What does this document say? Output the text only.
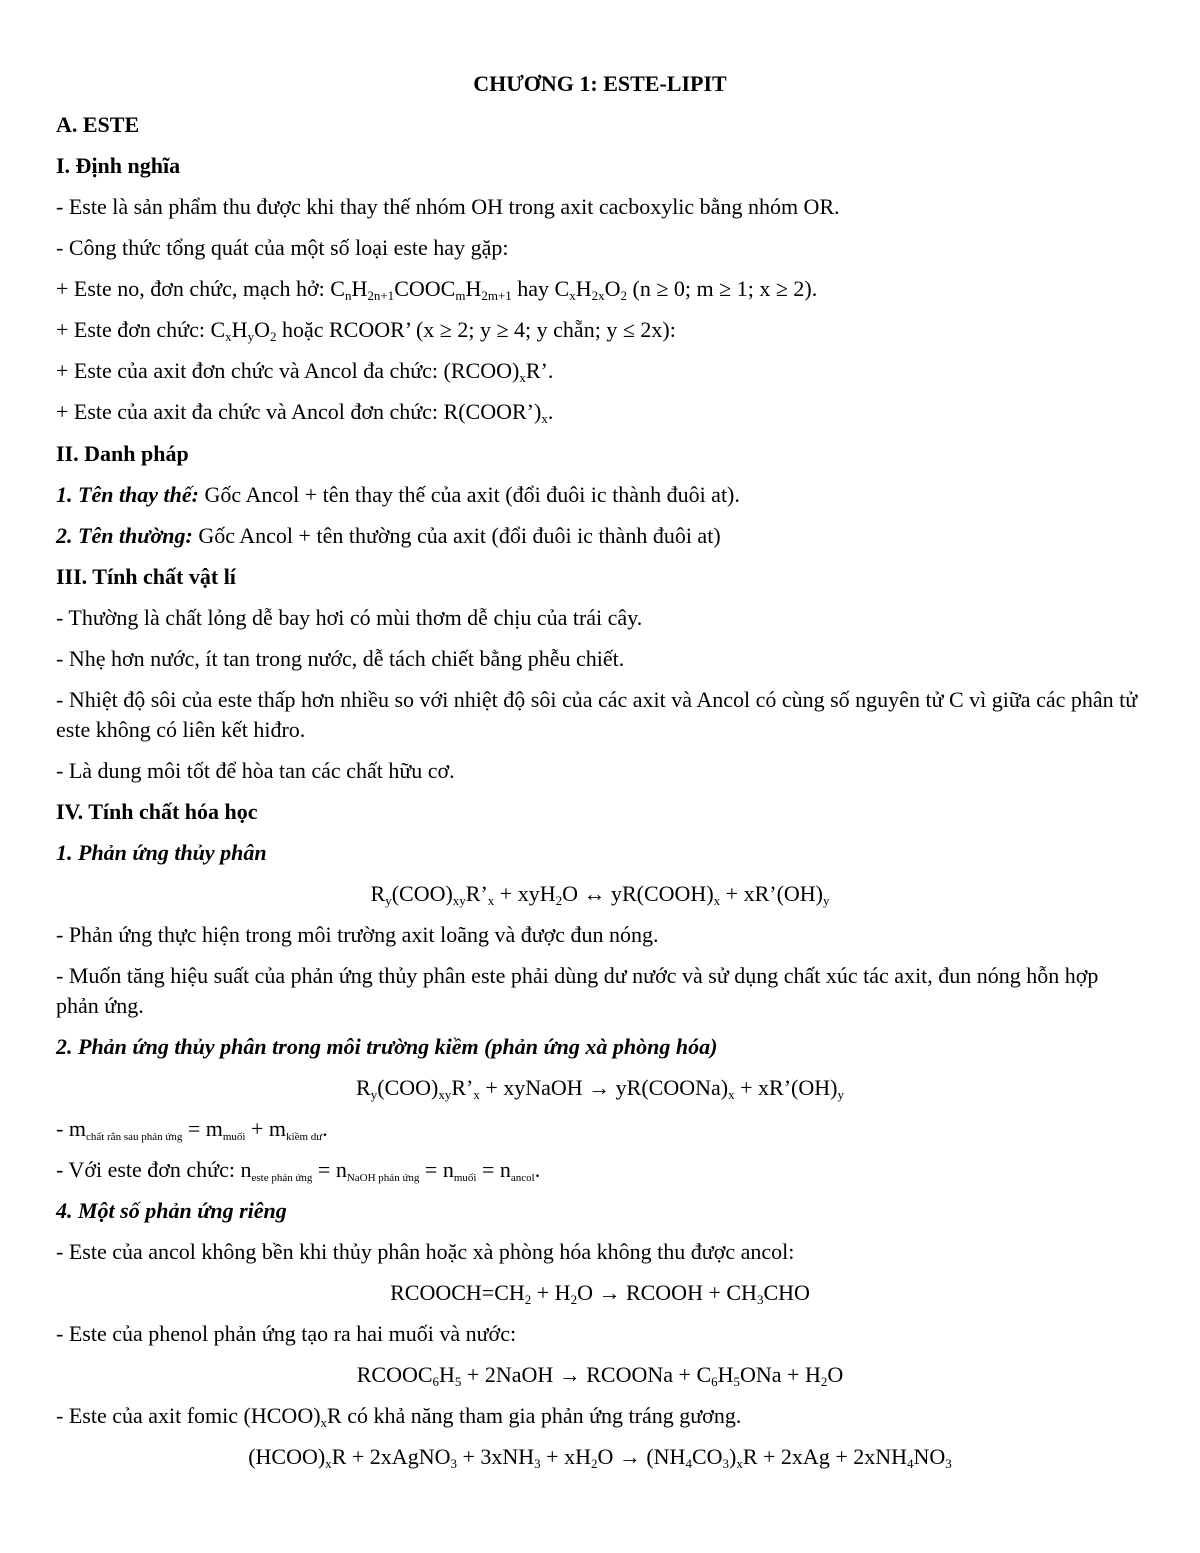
CHƯƠNG 1: ESTE-LIPIT
A. ESTE
I. Định nghĩa
- Este là sản phẩm thu được khi thay thế nhóm OH trong axit cacboxylic bằng nhóm OR.
- Công thức tổng quát của một số loại este hay gặp:
+ Este no, đơn chức, mạch hở: $C_nH_{2n+1}COOC_mH_{2m+1}$ hay $C_xH_{2x}O_2$ (n ≥ 0; m ≥ 1; x ≥ 2).
+ Este đơn chức: $C_xH_yO_2$ hoặc RCOOR’ (x ≥ 2; y ≥ 4; y chẵn; y ≤ 2x):
+ Este của axit đơn chức và Ancol đa chức: $(RCOO)_xR$’.
+ Este của axit đa chức và Ancol đơn chức: $R(COOR’)_x$.
II. Danh pháp
1. Tên thay thế: Gốc Ancol + tên thay thế của axit (đổi đuôi ic thành đuôi at).
2. Tên thường: Gốc Ancol + tên thường của axit (đổi đuôi ic thành đuôi at)
III. Tính chất vật lí
- Thường là chất lỏng dễ bay hơi có mùi thơm dễ chịu của trái cây.
- Nhẹ hơn nước, ít tan trong nước, dễ tách chiết bằng phễu chiết.
- Nhiệt độ sôi của este thấp hơn nhiều so với nhiệt độ sôi của các axit và Ancol có cùng số nguyên tử C vì giữa các phân tử este không có liên kết hiđro.
- Là dung môi tốt để hòa tan các chất hữu cơ.
IV. Tính chất hóa học
1. Phản ứng thủy phân
$R_y(COO)_{xy}R’_x + xyH_2O$ ↔ $yR(COOH)_x$ + $xR’(OH)_y$
- Phản ứng thực hiện trong môi trường axit loãng và được đun nóng.
- Muốn tăng hiệu suất của phản ứng thủy phân este phải dùng dư nước và sử dụng chất xúc tác axit, đun nóng hỗn hợp phản ứng.
2. Phản ứng thủy phân trong môi trường kiềm (phản ứng xà phòng hóa)
$R_y(COO)_{xy}R’_x$ + xyNaOH → $yR(COONa)_x$ + $xR’(OH)_y$
- $m_{chất rắn sau phản ứng} = m_{muối} + m_{kiềm dư}$.
- Với este đơn chức: $n_{este phản ứng} = n_{NaOH phản ứng} = n_{muối} = n_{ancol}$.
4. Một số phản ứng riêng
- Este của ancol không bền khi thủy phân hoặc xà phòng hóa không thu được ancol:
$RCOOCH=CH_2 + H_2O$ → RCOOH + $CH_3CHO$
- Este của phenol phản ứng tạo ra hai muối và nước:
$RCOOC_6H_5$ + 2NaOH → RCOONa + $C_6H_5ONa + H_2O$
- Este của axit fomic $(HCOO)_xR$ có khả năng tham gia phản ứng tráng gương.
$(HCOO)_xR$ + 2xAgNO$_3$ + $3xNH_3 + xH_2O \to (NH_4CO_3)_xR + 2xAg + 2xNH_4NO_3$
